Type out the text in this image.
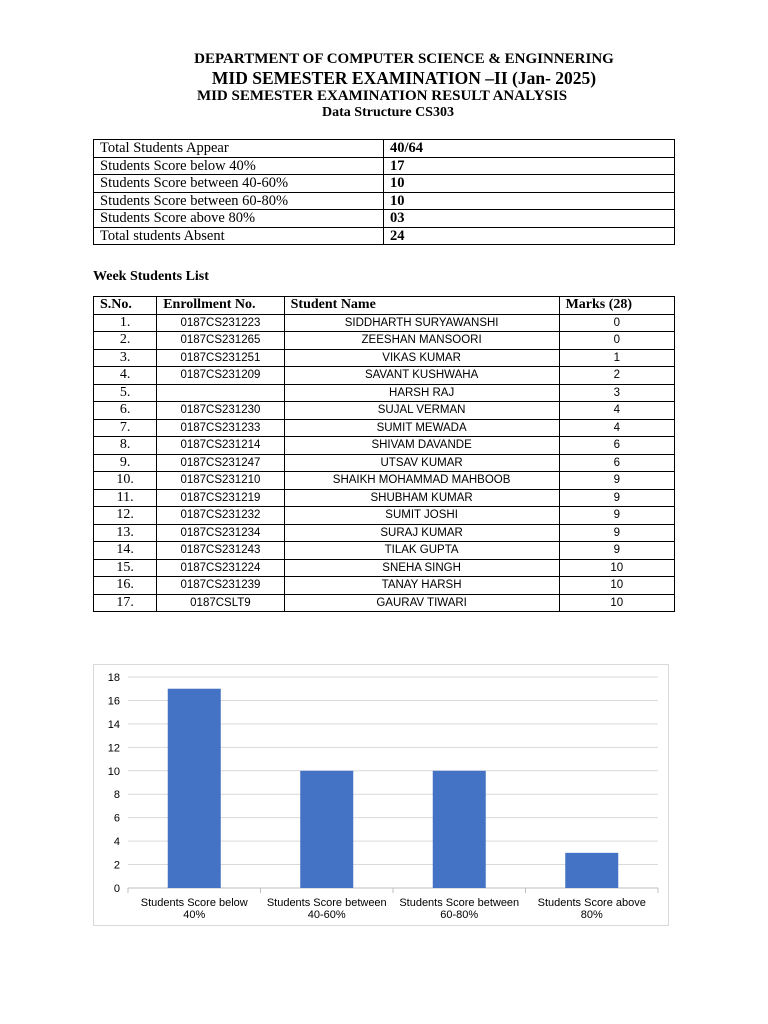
DEPARTMENT OF COMPUTER SCIENCE & ENGINNERING
MID SEMESTER EXAMINATION –II (Jan- 2025)
MID SEMESTER EXAMINATION RESULT ANALYSIS
Data Structure CS303
Total Students Appear	40/64
Students Score below 40%	17
Students Score between 40-60%	10
Students Score between 60-80%	10
Students Score above 80%	03
Total students Absent	24
Week Students List
S.No.	Enrollment No.	Student Name	Marks (28)
1.	0187CS231223	SIDDHARTH SURYAWANSHI	0
2.	0187CS231265	ZEESHAN MANSOORI	0
3.	0187CS231251	VIKAS KUMAR	1
4.	0187CS231209	SAVANT KUSHWAHA	2
5.		HARSH RAJ	3
6.	0187CS231230	SUJAL VERMAN	4
7.	0187CS231233	SUMIT MEWADA	4
8.	0187CS231214	SHIVAM DAVANDE	6
9.	0187CS231247	UTSAV KUMAR	6
10.	0187CS231210	SHAIKH MOHAMMAD MAHBOOB	9
11.	0187CS231219	SHUBHAM KUMAR	9
12.	0187CS231232	SUMIT JOSHI	9
13.	0187CS231234	SURAJ KUMAR	9
14.	0187CS231243	TILAK GUPTA	9
15.	0187CS231224	SNEHA SINGH	10
16.	0187CS231239	TANAY HARSH	10
17.	0187CSLT9	GAURAV TIWARI	10
0
2
4
6
8
10
12
14
16
18
Students Score below 40%
Students Score between 40-60%
Students Score between 60-80%
Students Score above 80%
